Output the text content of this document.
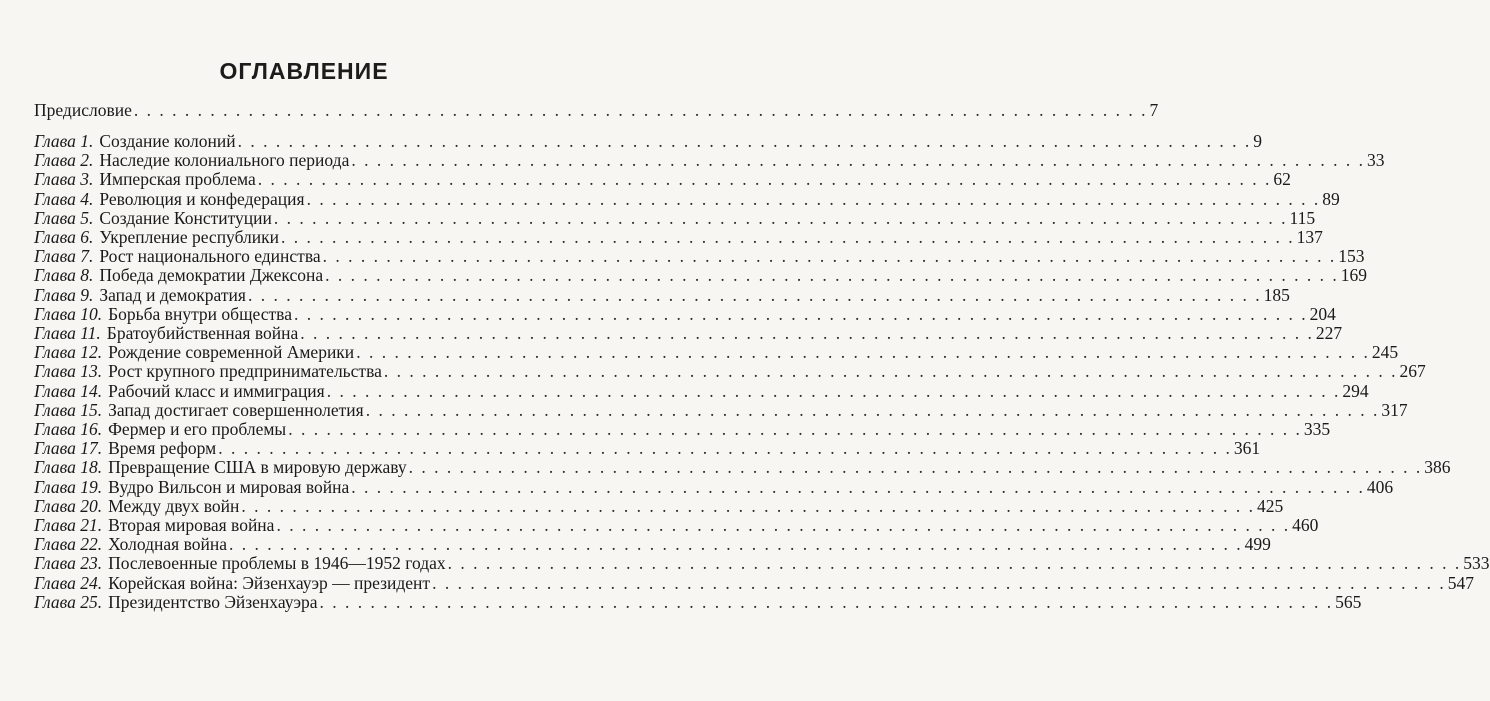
ОГЛАВЛЕНИЕ
Предисловие . . .	7
Глава 1. Создание колоний . . .	9
Глава 2. Наследие колониального периода . . .	33
Глава 3. Имперская проблема . . .	62
Глава 4. Революция и конфедерация . . .	89
Глава 5. Создание Конституции . . .	115
Глава 6. Укрепление республики . . .	137
Глава 7. Рост национального единства . . .	153
Глава 8. Победа демократии Джексона . . .	169
Глава 9. Запад и демократия . . .	185
Глава 10. Борьба внутри общества . . .	204
Глава 11. Братоубийственная война . . .	227
Глава 12. Рождение современной Америки . . .	245
Глава 13. Рост крупного предпринимательства . . .	267
Глава 14. Рабочий класс и иммиграция . . .	294
Глава 15. Запад достигает совершеннолетия . . .	317
Глава 16. Фермер и его проблемы . . .	335
Глава 17. Время реформ . . .	361
Глава 18. Превращение США в мировую державу . . .	386
Глава 19. Вудро Вильсон и мировая война . . .	406
Глава 20. Между двух войн . . .	425
Глава 21. Вторая мировая война . . .	460
Глава 22. Холодная война . . .	499
Глава 23. Послевоенные проблемы в 1946—1952 годах . . .	533
Глава 24. Корейская война: Эйзенхауэр — президент . . .	547
Глава 25. Президентство Эйзенхауэра . . .	565
